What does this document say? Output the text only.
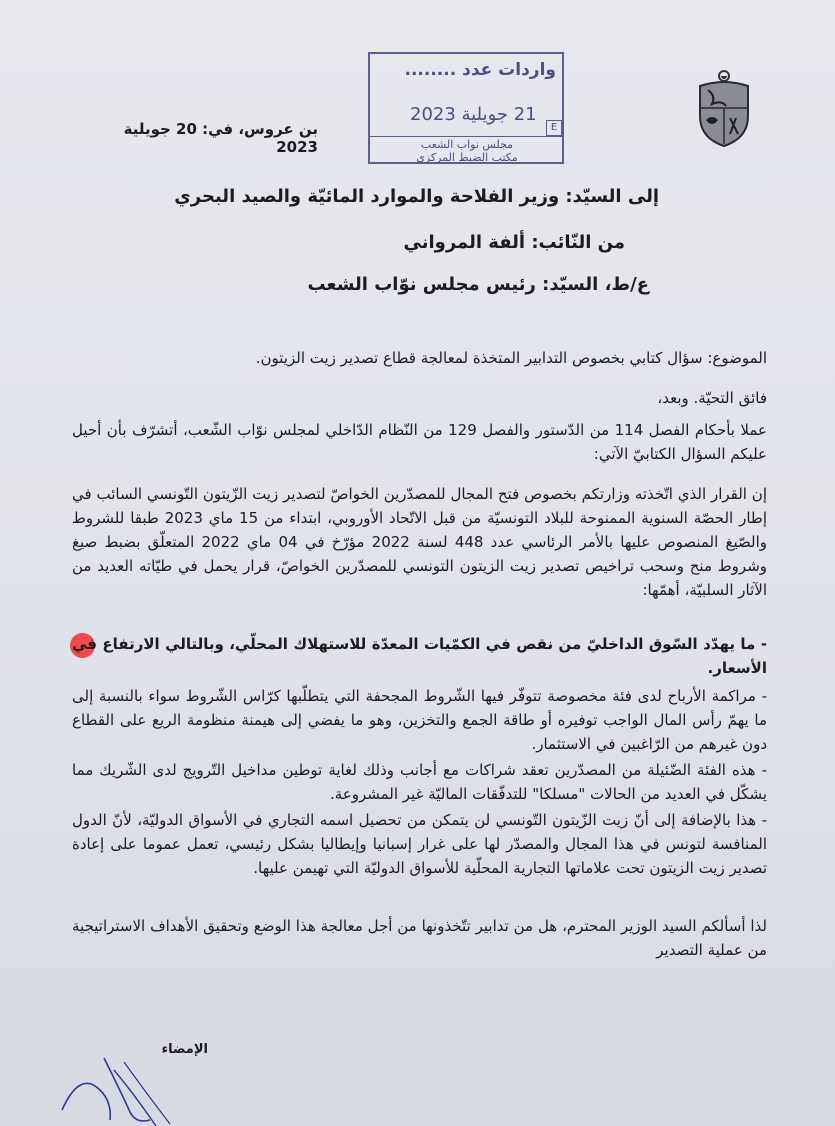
واردات عدد ........
21 جويلية 2023
E
مجلس نواب الشعب
مكتب الضبط المركزي
بن عروس، في: 20 جويلية 2023
إلى السيّد: وزير الفلاحة والموارد المائيّة والصيد البحري
من النّائب: ألفة المرواني
ع/ط، السيّد: رئيس مجلس نوّاب الشعب
الموضوع: سؤال كتابي بخصوص التدابير المتخذة لمعالجة قطاع تصدير زيت الزيتون.
فائق التحيّة. وبعد،
عملا بأحكام الفصل 114 من الدّستور والفصل 129 من النّظام الدّاخلي لمجلس نوّاب الشّعب، أتشرّف بأن أحيل عليكم السؤال الكتابيّ الآتي:
إن القرار الذي اتّخذته وزارتكم بخصوص فتح المجال للمصدّرين الخواصّ لتصدير زيت الزّيتون التّونسي السائب في إطار الحصّة السنوية الممنوحة للبلاد التونسيّة من قبل الاتّحاد الأوروبي، ابتداء من 15 ماي 2023 طبقا للشروط والصّيغ المنصوص عليها بالأمر الرئاسي عدد 448 لسنة 2022 مؤرّخ في 04 ماي 2022 المتعلّق بضبط صيغ وشروط منح وسحب تراخيص تصدير زيت الزيتون التونسي للمصدّرين الخواصّ، قرار يحمل في طيّاته العديد من الآثار السلبيّة، أهمّها:
- ما يهدّد السّوق الداخليّ من نقص في الكمّيات المعدّة للاستهلاك المحلّي، وبالتالي الارتفاع في الأسعار.
- مراكمة الأرباح لدى فئة مخصوصة تتوفّر فيها الشّروط المجحفة التي يتطلّبها كرّاس الشّروط سواء بالنسبة إلى ما يهمّ رأس المال الواجب توفيره أو طاقة الجمع والتخزين، وهو ما يفضي إلى هيمنة منظومة الريع على القطاع دون غيرهم من الرّاغبين في الاستثمار.
- هذه الفئة الضّئيلة من المصدّرين تعقد شراكات مع أجانب وذلك لغاية توطين مداخيل التّرويج لدى الشّريك مما يشكّل في العديد من الحالات "مسلكا" للتدفّقات الماليّة غير المشروعة.
- هذا بالإضافة إلى أنّ زيت الزّيتون التّونسي لن يتمكن من تحصيل اسمه التجاري في الأسواق الدوليّة، لأنّ الدول المنافسة لتونس في هذا المجال والمصدّر لها على غرار إسبانيا وإيطاليا بشكل رئيسي، تعمل عموما على إعادة تصدير زيت الزيتون تحت علاماتها التجارية المحلّية للأسواق الدوليّة التي تهيمن عليها.
لذا أسألكم السيد الوزير المحترم، هل من تدابير تتّخذونها من أجل معالجة هذا الوضع وتحقيق الأهداف الاستراتيجية من عملية التصدير
الإمضاء
